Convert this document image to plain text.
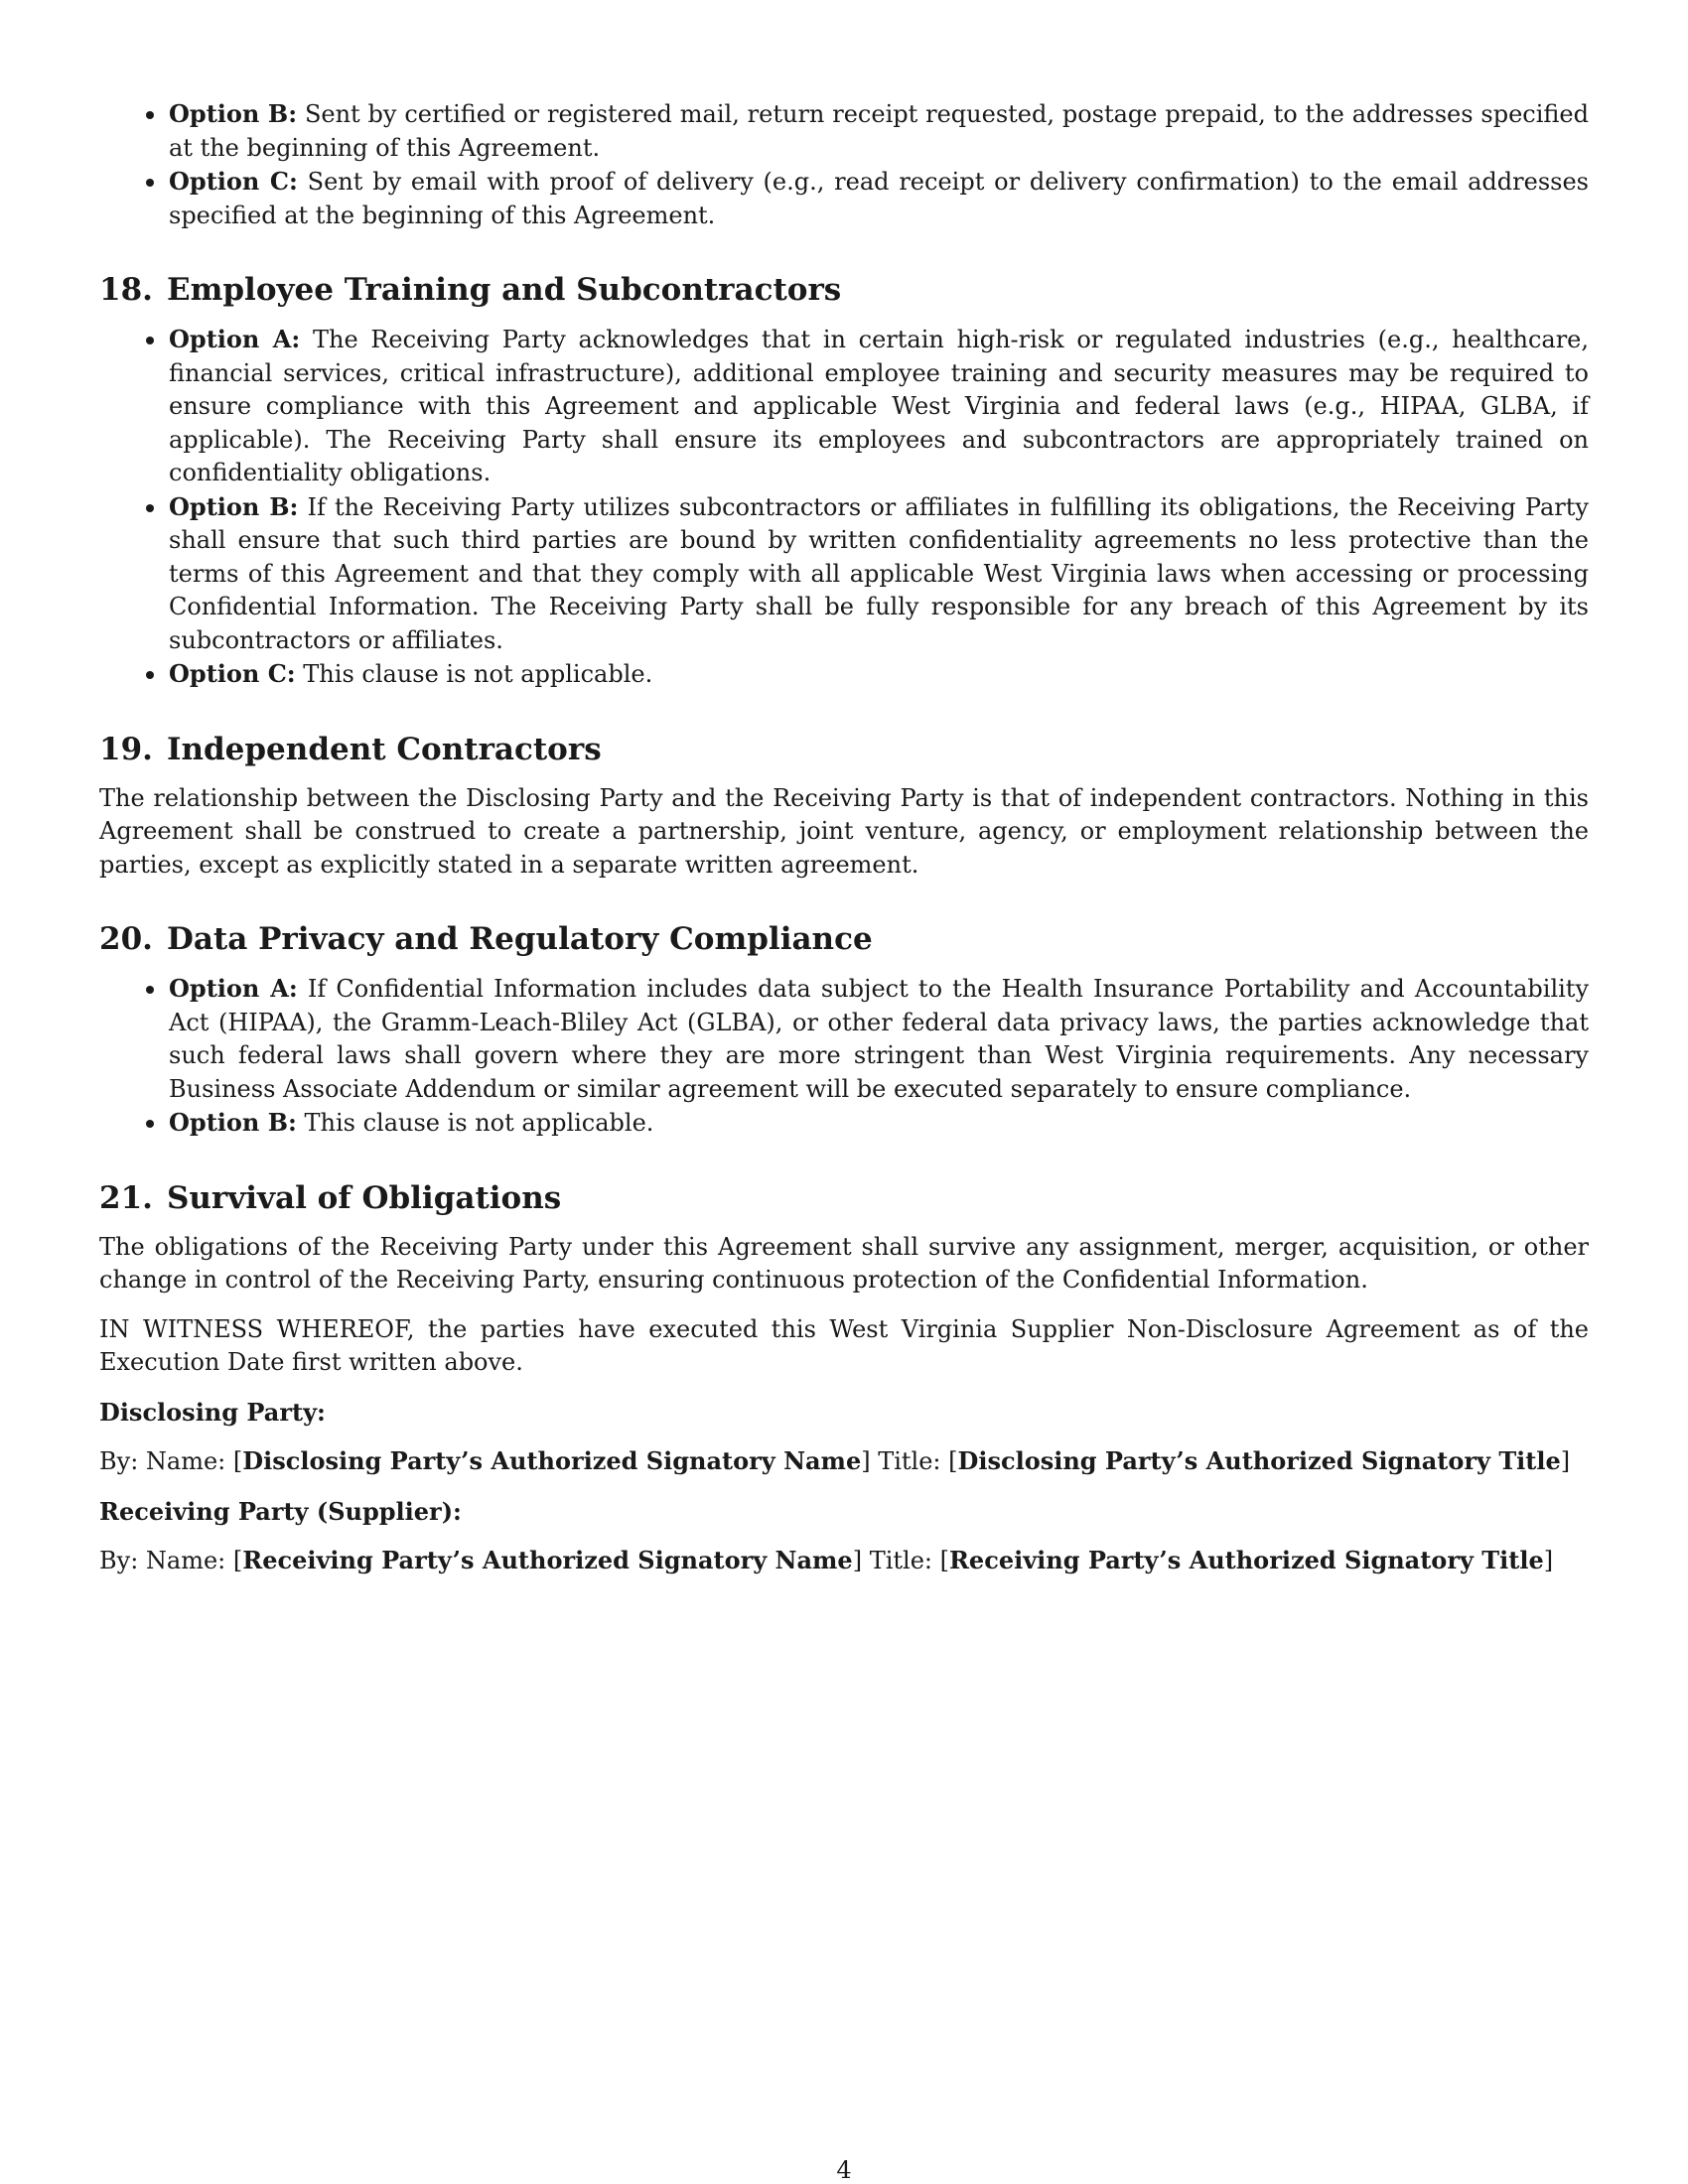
Option B: Sent by certified or registered mail, return receipt requested, postage prepaid, to the addresses specified at the beginning of this Agreement.
Option C: Sent by email with proof of delivery (e.g., read receipt or delivery confirmation) to the email addresses specified at the beginning of this Agreement.
18. Employee Training and Subcontractors
Option A: The Receiving Party acknowledges that in certain high-risk or regulated industries (e.g., healthcare, financial services, critical infrastructure), additional employee training and security measures may be required to ensure compliance with this Agreement and applicable West Virginia and federal laws (e.g., HIPAA, GLBA, if applicable). The Receiving Party shall ensure its employees and subcontractors are appropriately trained on confidentiality obligations.
Option B: If the Receiving Party utilizes subcontractors or affiliates in fulfilling its obligations, the Receiving Party shall ensure that such third parties are bound by written confidentiality agreements no less protective than the terms of this Agreement and that they comply with all applicable West Virginia laws when accessing or processing Confidential Information. The Receiving Party shall be fully responsible for any breach of this Agreement by its subcontractors or affiliates.
Option C: This clause is not applicable.
19. Independent Contractors

The relationship between the Disclosing Party and the Receiving Party is that of independent contractors. Nothing in this Agreement shall be construed to create a partnership, joint venture, agency, or employment relationship between the parties, except as explicitly stated in a separate written agreement.

20. Data Privacy and Regulatory Compliance
Option A: If Confidential Information includes data subject to the Health Insurance Portability and Accountability Act (HIPAA), the Gramm-Leach-Bliley Act (GLBA), or other federal data privacy laws, the parties acknowledge that such federal laws shall govern where they are more stringent than West Virginia requirements. Any necessary Business Associate Addendum or similar agreement will be executed separately to ensure compliance.
Option B: This clause is not applicable.
21. Survival of Obligations

The obligations of the Receiving Party under this Agreement shall survive any assignment, merger, acquisition, or other change in control of the Receiving Party, ensuring continuous protection of the Confidential Information.

IN WITNESS WHEREOF, the parties have executed this West Virginia Supplier Non-Disclosure Agreement as of the Execution Date first written above.

Disclosing Party:

By: Name: [Disclosing Party’s Authorized Signatory Name] Title: [Disclosing Party’s Authorized Signatory Title]

Receiving Party (Supplier):

By: Name: [Receiving Party’s Authorized Signatory Name] Title: [Receiving Party’s Authorized Signatory Title]

4
